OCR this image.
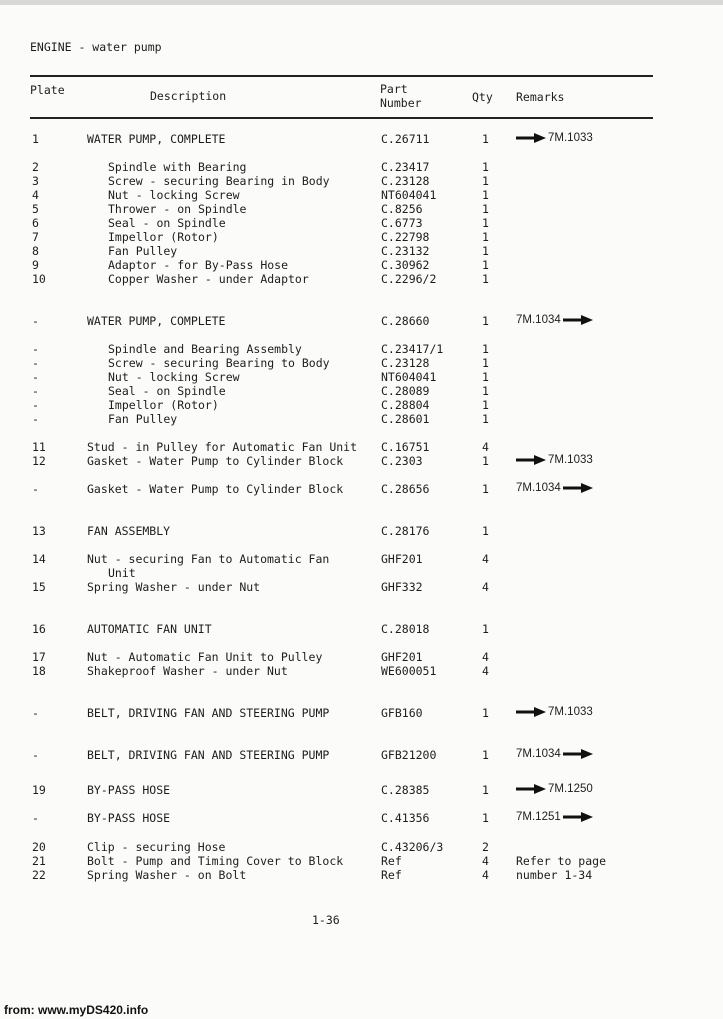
ENGINE - water pump
Plate	Description	Part
Number	Qty Remarks
1	WATER PUMP, COMPLETE	C.26711	1	7M.1033
2	Spindle with Bearing	C.23417	1
3	Screw - securing Bearing in Body	C.23128	1
4	Nut - locking Screw	NT604041	1
5	Thrower - on Spindle	C.8256	1
6	Seal - on Spindle	C.6773	1
7	Impellor (Rotor)	C.22798	1
8	Fan Pulley	C.23132	1
9	Adaptor - for By-Pass Hose	C.30962	1
10	Copper Washer - under Adaptor	C.2296/2	1
-	WATER PUMP, COMPLETE	C.28660	1 7M.1034
-	Spindle and Bearing Assembly	C.23417/1	1
-	Screw - securing Bearing to Body	C.23128	1
-	Nut - locking Screw	NT604041	1
-	Seal - on Spindle	C.28089	1
-	Impellor (Rotor)	C.28804	1
-	Fan Pulley	C.28601	1
11	Stud - in Pulley for Automatic Fan Unit C.16751	4
12	Gasket - Water Pump to Cylinder Block	C.2303	1	7M.1033
-	Gasket - Water Pump to Cylinder Block	C.28656	1 7M.1034
13	FAN ASSEMBLY	C.28176	1
14	Nut - securing Fan to Automatic Fan	GHF201	4
Unit
15	Spring Washer - under Nut	GHF332	4
16	AUTOMATIC FAN UNIT	C.28018	1
17	Nut - Automatic Fan Unit to Pulley	GHF201	4
18	Shakeproof Washer - under Nut	WE600051	4
-	BELT, DRIVING FAN AND STEERING PUMP	GFB160	1	7M.1033
-	BELT, DRIVING FAN AND STEERING PUMP	GFB21200	1 7M.1034
19	BY-PASS HOSE	C.28385	1	7M.1250
-	BY-PASS HOSE	C.41356	1 7M.1251
20	Clip - securing Hose	C.43206/3	2
21	Bolt - Pump and Timing Cover to Block	Ref	4 Refer to page
22	Spring Washer - on Bolt	Ref	4 number 1-34
1-36
from: www.myDS420.info
